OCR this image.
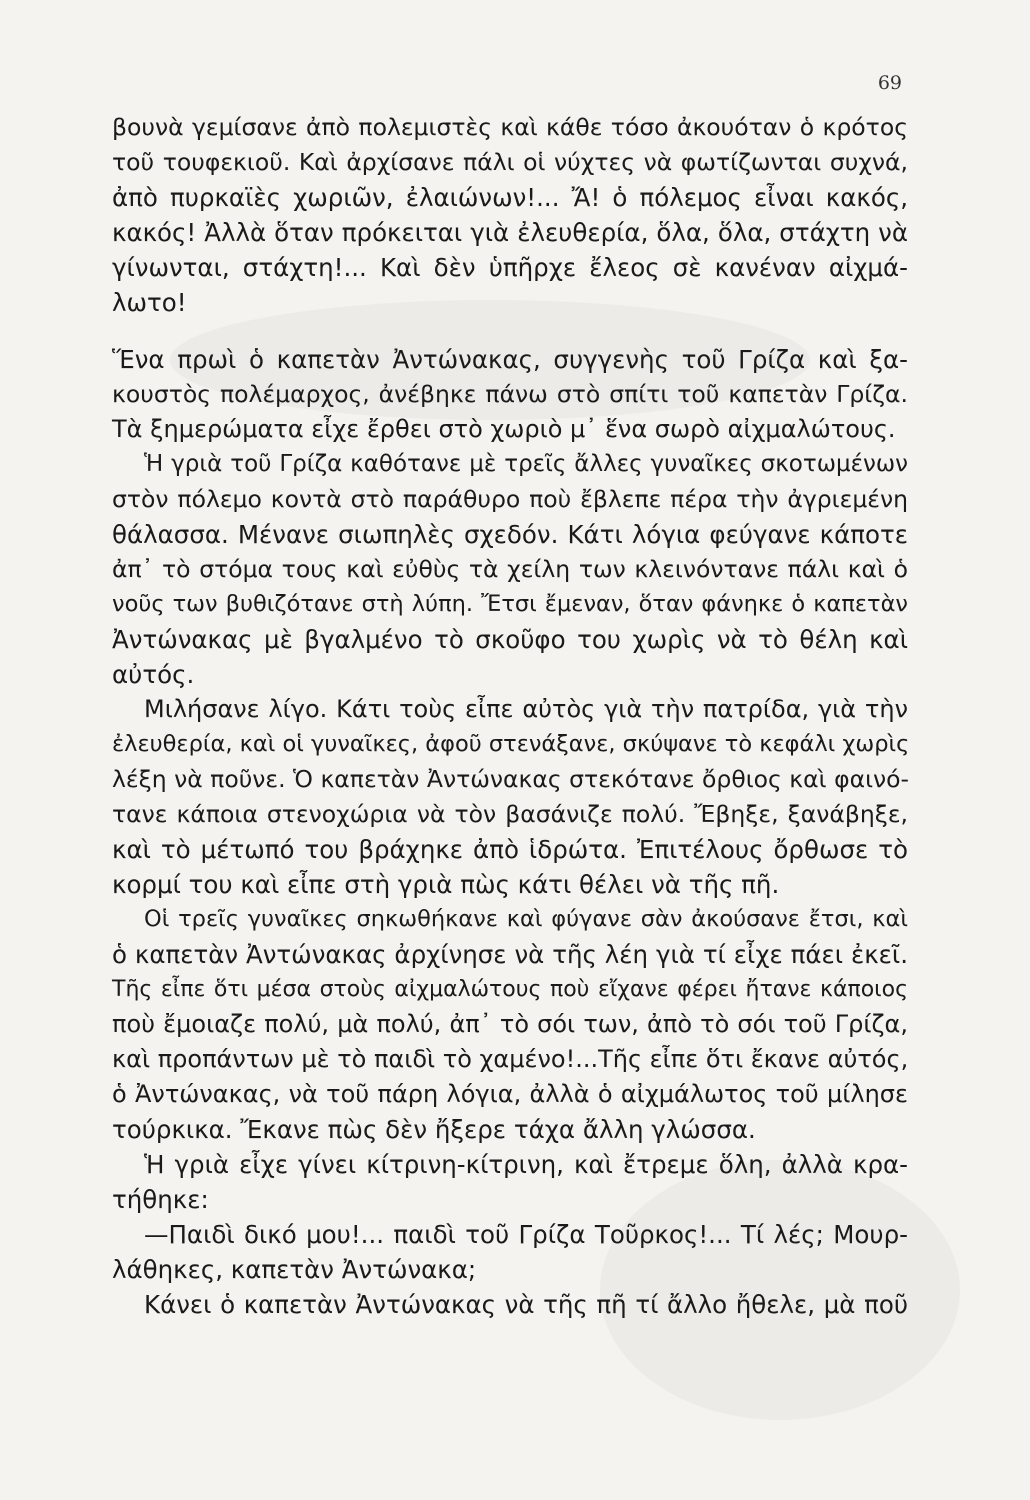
69
βουνὰ γεμίσανε ἀπὸ πολεμιστὲς καὶ κάθε τόσο ἀκουόταν ὁ κρότος
τοῦ τουφεκιοῦ. Καὶ ἀρχίσανε πάλι οἱ νύχτες νὰ φωτίζωνται συχνά,
ἀπὸ πυρκαϊὲς χωριῶν, ἐλαιώνων!... Ἄ! ὁ πόλεμος εἶναι κακός,
κακός! Ἀλλὰ ὅταν πρόκειται γιὰ ἐλευθερία, ὅλα, ὅλα, στάχτη νὰ
γίνωνται, στάχτη!... Καὶ δὲν ὑπῆρχε ἔλεος σὲ κανέναν αἰχμά-
λωτο!
Ἕνα πρωὶ ὁ καπετὰν Ἀντώνακας, συγγενὴς τοῦ Γρίζα καὶ ξα-
κουστὸς πολέμαρχος, ἀνέβηκε πάνω στὸ σπίτι τοῦ καπετὰν Γρίζα.
Τὰ ξημερώματα εἶχε ἔρθει στὸ χωριὸ μ᾽ ἕνα σωρὸ αἰχμαλώτους.
Ἡ γριὰ τοῦ Γρίζα καθότανε μὲ τρεῖς ἄλλες γυναῖκες σκοτωμένων
στὸν πόλεμο κοντὰ στὸ παράθυρο ποὺ ἔβλεπε πέρα τὴν ἀγριεμένη
θάλασσα. Μένανε σιωπηλὲς σχεδόν. Κάτι λόγια φεύγανε κάποτε
ἀπ᾽ τὸ στόμα τους καὶ εὐθὺς τὰ χείλη των κλεινόντανε πάλι καὶ ὁ
νοῦς των βυθιζότανε στὴ λύπη. Ἔτσι ἔμεναν, ὅταν φάνηκε ὁ καπετὰν
Ἀντώνακας μὲ βγαλμένο τὸ σκοῦφο του χωρὶς νὰ τὸ θέλη καὶ
αὐτός.
Μιλήσανε λίγο. Κάτι τοὺς εἶπε αὐτὸς γιὰ τὴν πατρίδα, γιὰ τὴν
ἐλευθερία, καὶ οἱ γυναῖκες, ἀφοῦ στενάξανε, σκύψανε τὸ κεφάλι χωρὶς
λέξη νὰ ποῦνε. Ὁ καπετὰν Ἀντώνακας στεκότανε ὄρθιος καὶ φαινό-
τανε κάποια στενοχώρια νὰ τὸν βασάνιζε πολύ. Ἔβηξε, ξανάβηξε,
καὶ τὸ μέτωπό του βράχηκε ἀπὸ ἱδρώτα. Ἐπιτέλους ὄρθωσε τὸ
κορμί του καὶ εἶπε στὴ γριὰ πὼς κάτι θέλει νὰ τῆς πῆ.
Οἱ τρεῖς γυναῖκες σηκωθήκανε καὶ φύγανε σὰν ἀκούσανε ἔτσι, καὶ
ὁ καπετὰν Ἀντώνακας ἀρχίνησε νὰ τῆς λέη γιὰ τί εἶχε πάει ἐκεῖ.
Τῆς εἶπε ὅτι μέσα στοὺς αἰχμαλώτους ποὺ εἴχανε φέρει ἤτανε κάποιος
ποὺ ἔμοιαζε πολύ, μὰ πολύ, ἀπ᾽ τὸ σόι των, ἀπὸ τὸ σόι τοῦ Γρίζα,
καὶ προπάντων μὲ τὸ παιδὶ τὸ χαμένο!...Τῆς εἶπε ὅτι ἔκανε αὐτός,
ὁ Ἀντώνακας, νὰ τοῦ πάρη λόγια, ἀλλὰ ὁ αἰχμάλωτος τοῦ μίλησε
τούρκικα. Ἔκανε πὼς δὲν ἤξερε τάχα ἄλλη γλώσσα.
Ἡ γριὰ εἶχε γίνει κίτρινη-κίτρινη, καὶ ἔτρεμε ὅλη, ἀλλὰ κρα-
τήθηκε:
—Παιδὶ δικό μου!... παιδὶ τοῦ Γρίζα Τοῦρκος!... Τί λές; Μουρ-
λάθηκες, καπετὰν Ἀντώνακα;
Κάνει ὁ καπετὰν Ἀντώνακας νὰ τῆς πῆ τί ἄλλο ἤθελε, μὰ ποῦ
